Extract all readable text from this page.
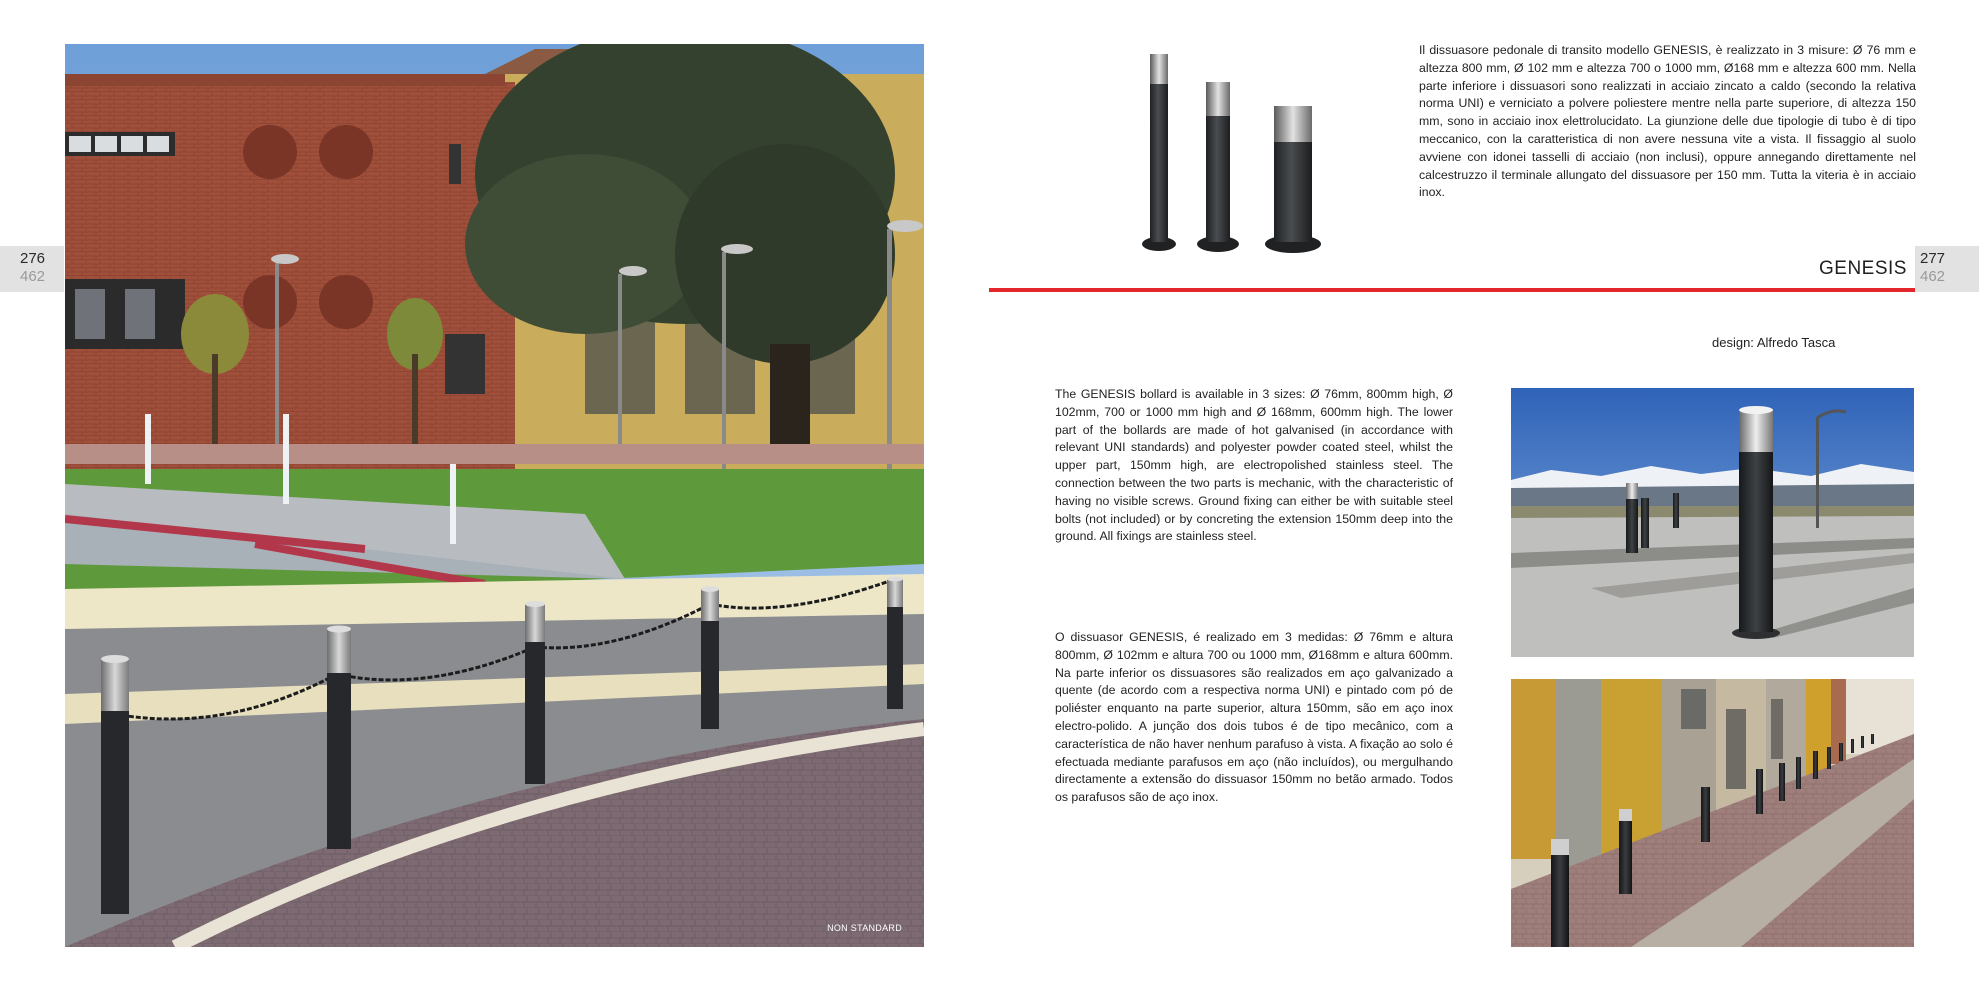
276
462
277
462
NON STANDARD
Il dissuasore pedonale di transito modello GENESIS, è realizzato in 3 misure: Ø 76 mm e altezza 800 mm, Ø 102 mm e altezza 700 o 1000 mm, Ø168 mm e altezza 600 mm. Nella parte inferiore i dissuasori sono realizzati in acciaio zincato a caldo (secondo la relativa norma UNI) e verniciato a polvere poliestere mentre nella parte superiore, di altezza 150 mm, sono in acciaio inox elettrolucidato. La giunzione delle due tipologie di tubo è di tipo meccanico, con la caratteristica di non avere nessuna vite a vista. Il fissaggio al suolo avviene con idonei tasselli di acciaio (non inclusi), oppure annegando direttamente nel calcestruzzo il terminale allungato del dissuasore per 150 mm. Tutta la viteria è in acciaio inox.
GENESIS
design: Alfredo Tasca
The GENESIS bollard is available in 3 sizes: Ø 76mm, 800mm high, Ø 102mm, 700 or 1000 mm high and Ø 168mm, 600mm high. The lower part of the bollards are made of hot galvanised (in accordance with relevant UNI standards) and polyester powder coated steel, whilst the upper part, 150mm high, are electropolished stainless steel. The connection between the two parts is mechanic, with the characteristic of having no visible screws. Ground fixing can either be with suitable steel bolts (not included) or by concreting the extension 150mm deep into the ground. All fixings are stainless steel.
O dissuasor GENESIS, é realizado em 3 medidas: Ø 76mm e altura 800mm, Ø 102mm e altura 700 ou 1000 mm, Ø168mm e altura 600mm. Na parte inferior os dissuasores são realizados em aço galvanizado a quente (de acordo com a respectiva norma UNI) e pintado com pó de poliéster enquanto na parte superior, altura 150mm, são em aço inox electro-polido. A junção dos dois tubos é de tipo mecânico, com a característica de não haver nenhum parafuso à vista. A fixação ao solo é efectuada mediante parafusos em aço (não incluídos), ou mergulhando directamente a extensão do dissuasor 150mm no betão armado. Todos os parafusos são de aço inox.
